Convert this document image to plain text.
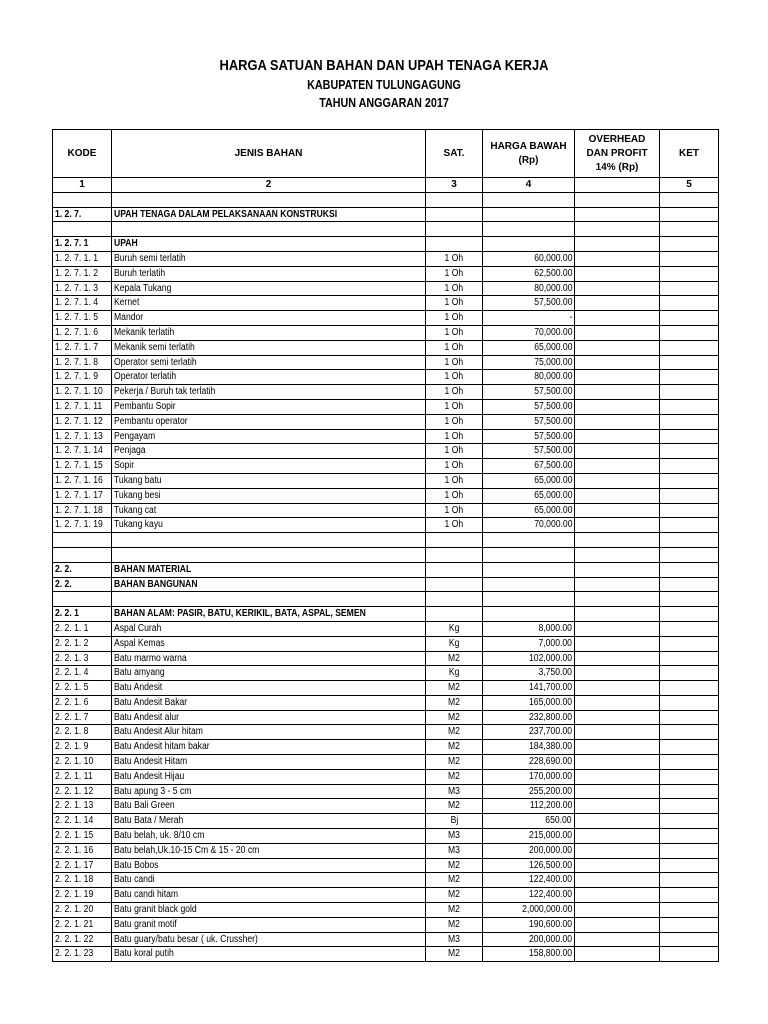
HARGA SATUAN BAHAN DAN UPAH TENAGA KERJA
KABUPATEN TULUNGAGUNG
TAHUN ANGGARAN 2017
KODE	JENIS BAHAN	SAT.	HARGA BAWAH (Rp)	OVERHEAD DAN PROFIT 14% (Rp)	KET
1	2	3	4		5

1. 2. 7.	UPAH TENAGA DALAM PELAKSANAAN KONSTRUKSI				

1. 2. 7. 1	UPAH				
1. 2. 7. 1. 1	Buruh semi terlatih	1 Oh	60,000.00		
1. 2. 7. 1. 2	Buruh terlatih	1 Oh	62,500.00		
1. 2. 7. 1. 3	Kepala Tukang	1 Oh	80,000.00		
1. 2. 7. 1. 4	Kernet	1 Oh	57,500.00		
1. 2. 7. 1. 5	Mandor	1 Oh	-		
1. 2. 7. 1. 6	Mekanik terlatih	1 Oh	70,000.00		
1. 2. 7. 1. 7	Mekanik semi terlatih	1 Oh	65,000.00		
1. 2. 7. 1. 8	Operator semi terlatih	1 Oh	75,000.00		
1. 2. 7. 1. 9	Operator terlatih	1 Oh	80,000.00		
1. 2. 7. 1. 10	Pekerja / Buruh tak terlatih	1 Oh	57,500.00		
1. 2. 7. 1. 11	Pembantu Sopir	1 Oh	57,500.00		
1. 2. 7. 1. 12	Pembantu operator	1 Oh	57,500.00		
1. 2. 7. 1. 13	Pengayam	1 Oh	57,500.00		
1. 2. 7. 1. 14	Penjaga	1 Oh	57,500.00		
1. 2. 7. 1. 15	Sopir	1 Oh	67,500.00		
1. 2. 7. 1. 16	Tukang batu	1 Oh	65,000.00		
1. 2. 7. 1. 17	Tukang besi	1 Oh	65,000.00		
1. 2. 7. 1. 18	Tukang cat	1 Oh	65,000.00		
1. 2. 7. 1. 19	Tukang kayu	1 Oh	70,000.00		

2. 2.	BAHAN MATERIAL				
2. 2.	BAHAN BANGUNAN				

2. 2. 1	BAHAN ALAM: PASIR, BATU, KERIKIL, BATA, ASPAL, SEMEN				
2. 2. 1. 1	Aspal Curah	Kg	8,000.00		
2. 2. 1. 2	Aspal Kemas	Kg	7,000.00		
2. 2. 1. 3	Batu marmo warna	M2	102,000.00		
2. 2. 1. 4	Batu amyang	Kg	3,750.00		
2. 2. 1. 5	Batu Andesit	M2	141,700.00		
2. 2. 1. 6	Batu Andesit Bakar	M2	165,000.00		
2. 2. 1. 7	Batu Andesit alur	M2	232,800.00		
2. 2. 1. 8	Batu Andesit Alur hitam	M2	237,700.00		
2. 2. 1. 9	Batu Andesit hitam bakar	M2	184,380.00		
2. 2. 1. 10	Batu Andesit Hitam	M2	228,690.00		
2. 2. 1. 11	Batu Andesit Hijau	M2	170,000.00		
2. 2. 1. 12	Batu apung 3 - 5 cm	M3	255,200.00		
2. 2. 1. 13	Batu Bali Green	M2	112,200.00		
2. 2. 1. 14	Batu Bata / Merah	Bj	650.00		
2. 2. 1. 15	Batu belah, uk. 8/10 cm	M3	215,000.00		
2. 2. 1. 16	Batu belah,Uk.10-15 Cm & 15 - 20 cm	M3	200,000.00		
2. 2. 1. 17	Batu Bobos	M2	126,500.00		
2. 2. 1. 18	Batu candi	M2	122,400.00		
2. 2. 1. 19	Batu candi hitam	M2	122,400.00		
2. 2. 1. 20	Batu granit black gold	M2	2,000,000.00		
2. 2. 1. 21	Batu granit motif	M2	190,600.00		
2. 2. 1. 22	Batu guary/batu besar ( uk. Crussher)	M3	200,000.00		
2. 2. 1. 23	Batu koral putih	M2	158,800.00		
